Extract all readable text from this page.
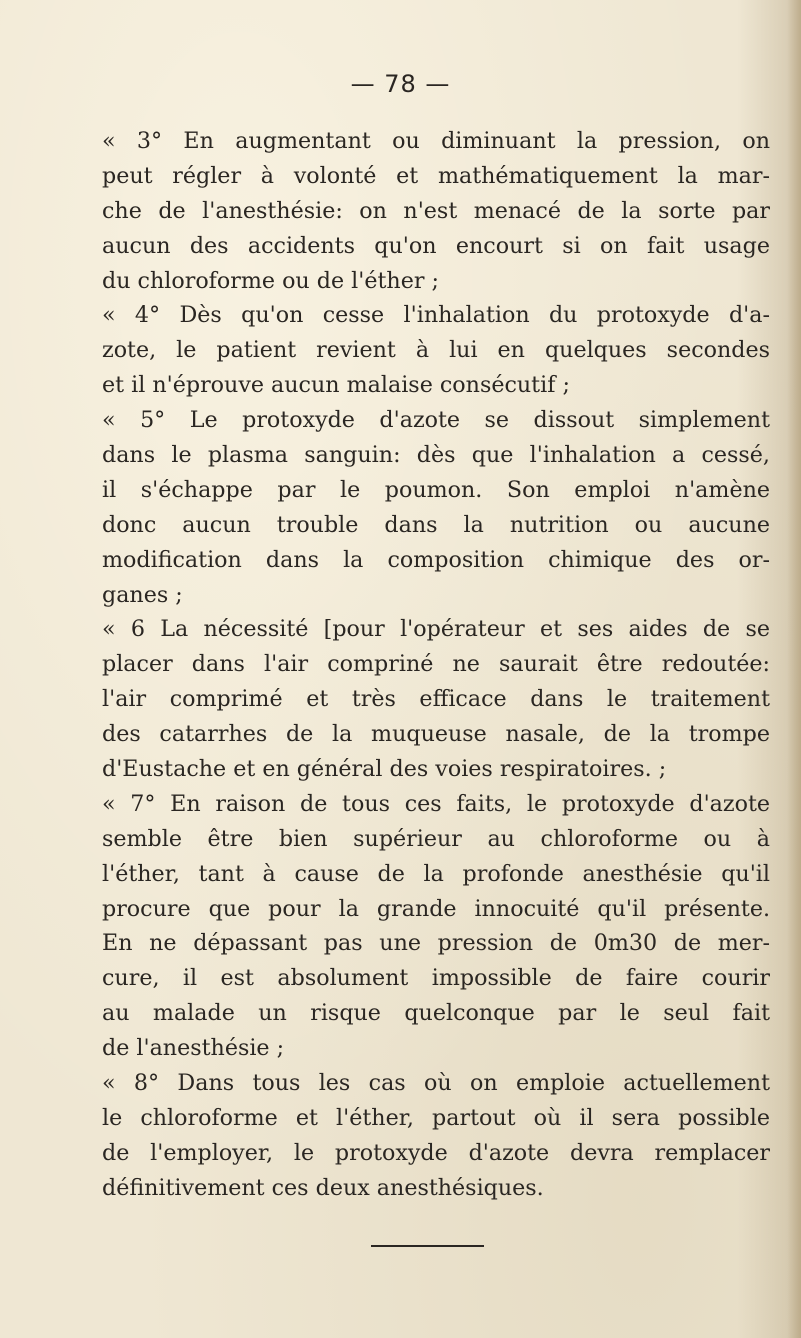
— 78 —
« 3° En augmentant ou diminuant la pression, on
peut régler à volonté et mathématiquement la mar-
che de l'anesthésie: on n'est menacé de la sorte par
aucun des accidents qu'on encourt si on fait usage
du chloroforme ou de l'éther ;
« 4° Dès qu'on cesse l'inhalation du protoxyde d'a-
zote, le patient revient à lui en quelques secondes
et il n'éprouve aucun malaise consécutif ;
« 5° Le protoxyde d'azote se dissout simplement
dans le plasma sanguin: dès que l'inhalation a cessé,
il s'échappe par le poumon. Son emploi n'amène
donc aucun trouble dans la nutrition ou aucune
modification dans la composition chimique des or-
ganes ;
« 6 La nécessité [pour l'opérateur et ses aides de se
placer dans l'air compriné ne saurait être redoutée:
l'air comprimé et très efficace dans le traitement
des catarrhes de la muqueuse nasale, de la trompe
d'Eustache et en général des voies respiratoires. ;
« 7° En raison de tous ces faits, le protoxyde d'azote
semble être bien supérieur au chloroforme ou à
l'éther, tant à cause de la profonde anesthésie qu'il
procure que pour la grande innocuité qu'il présente.
En ne dépassant pas une pression de 0m30 de mer-
cure, il est absolument impossible de faire courir
au malade un risque quelconque par le seul fait
de l'anesthésie ;
« 8° Dans tous les cas où on emploie actuellement
le chloroforme et l'éther, partout où il sera possible
de l'employer, le protoxyde d'azote devra remplacer
définitivement ces deux anesthésiques.
